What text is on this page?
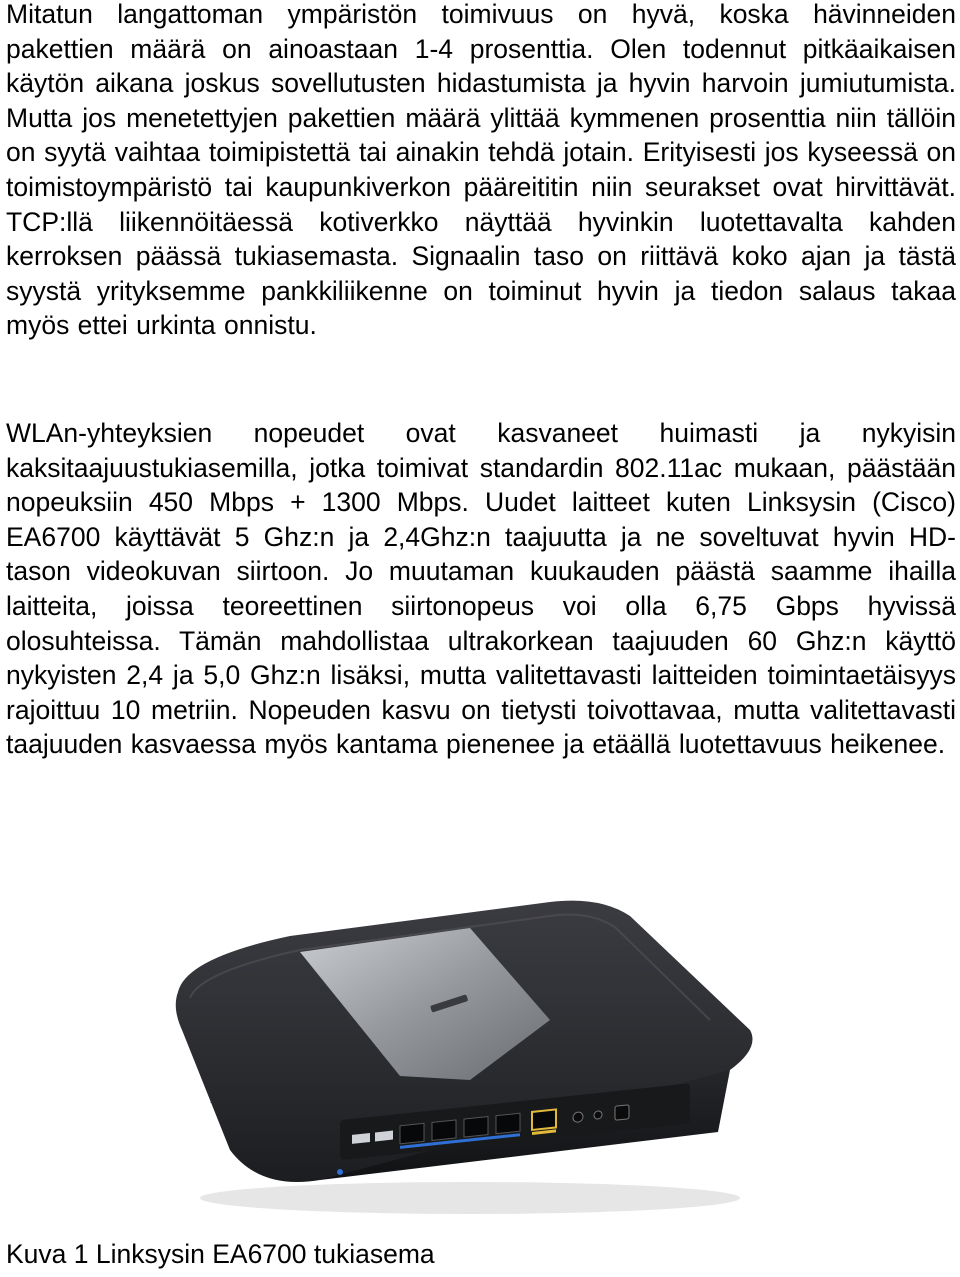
Mitatun langattoman ympäristön toimivuus on hyvä, koska hävinneiden pakettien määrä on ainoastaan 1-4 prosenttia. Olen todennut pitkäaikaisen käytön aikana joskus sovellutusten hidastumista ja hyvin harvoin jumiutumista. Mutta jos menetettyjen pakettien määrä ylittää kymmenen prosenttia niin tällöin on syytä vaihtaa toimipistettä tai ainakin tehdä jotain. Erityisesti jos kyseessä on toimistoympäristö tai kaupunkiverkon pääreititin niin seurakset ovat hirvittävät. TCP:llä liikennöitäessä kotiverkko näyttää hyvinkin luotettavalta kahden kerroksen päässä tukiasemasta. Signaalin taso on riittävä koko ajan ja tästä syystä yrityksemme pankkiliikenne on toiminut hyvin ja tiedon salaus takaa myös ettei urkinta onnistu.

WLAn-yhteyksien nopeudet ovat kasvaneet huimasti ja nykyisin kaksitaajuustukiasemilla, jotka toimivat standardin 802.11ac mukaan, päästään nopeuksiin 450 Mbps + 1300 Mbps. Uudet laitteet kuten Linksysin (Cisco) EA6700 käyttävät 5 Ghz:n ja 2,4Ghz:n taajuutta ja ne soveltuvat hyvin HD-tason videokuvan siirtoon. Jo muutaman kuukauden päästä saamme ihailla laitteita, joissa teoreettinen siirtonopeus voi olla 6,75 Gbps hyvissä olosuhteissa. Tämän mahdollistaa ultrakorkean taajuuden 60 Ghz:n käyttö nykyisten 2,4 ja 5,0 Ghz:n lisäksi, mutta valitettavasti laitteiden toimintaetäisyys rajoittuu 10 metriin. Nopeuden kasvu on tietysti toivottavaa, mutta valitettavasti taajuuden kasvaessa myös kantama pienenee ja etäällä luotettavuus heikenee.

Kuva 1 Linksysin EA6700 tukiasema
